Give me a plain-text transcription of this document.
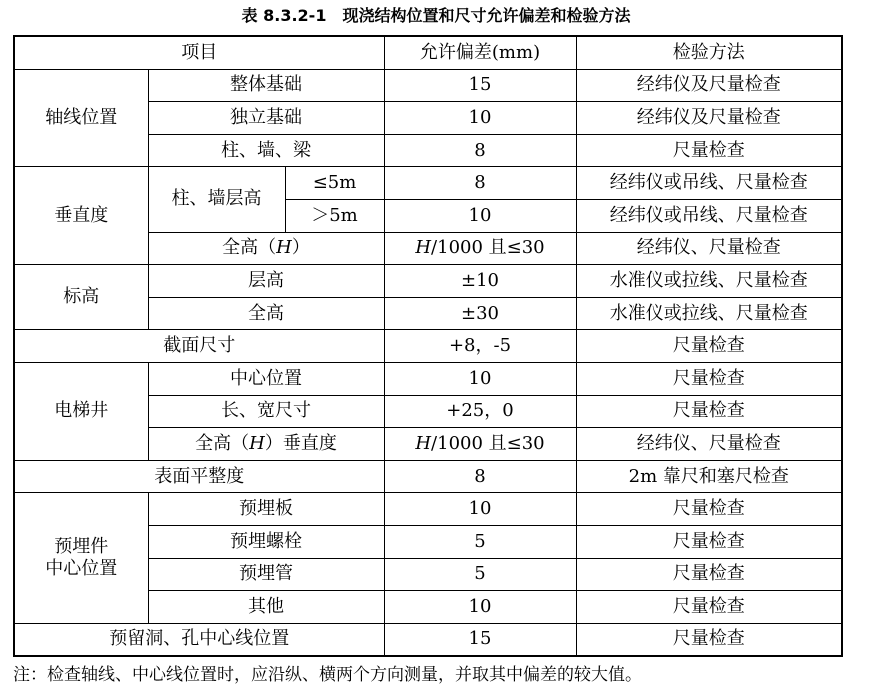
表 8.3.2-1　现浇结构位置和尺寸允许偏差和检验方法
项目			允许偏差(mm)	检验方法
轴线位置	整体基础		15	经纬仪及尺量检查
	独立基础		10	经纬仪及尺量检查
	柱、墙、梁		8	尺量检查
垂直度	柱、墙层高	≤5m	8	经纬仪或吊线、尺量检查
		＞5m	10	经纬仪或吊线、尺量检查
	全高（H）		H/1000 且≤30	经纬仪、尺量检查
标高	层高		±10	水准仪或拉线、尺量检查
	全高		±30	水准仪或拉线、尺量检查
截面尺寸			+8，-5	尺量检查
电梯井	中心位置		10	尺量检查
	长、宽尺寸		+25，0	尺量检查
	全高（H）垂直度		H/1000 且≤30	经纬仪、尺量检查
表面平整度			8	2m 靠尺和塞尺检查
预埋件
中心位置	预埋板		10	尺量检查
	预埋螺栓		5	尺量检查
	预埋管		5	尺量检查
	其他		10	尺量检查
预留洞、孔中心线位置			15	尺量检查
注：检查轴线、中心线位置时，应沿纵、横两个方向测量，并取其中偏差的较大值。
